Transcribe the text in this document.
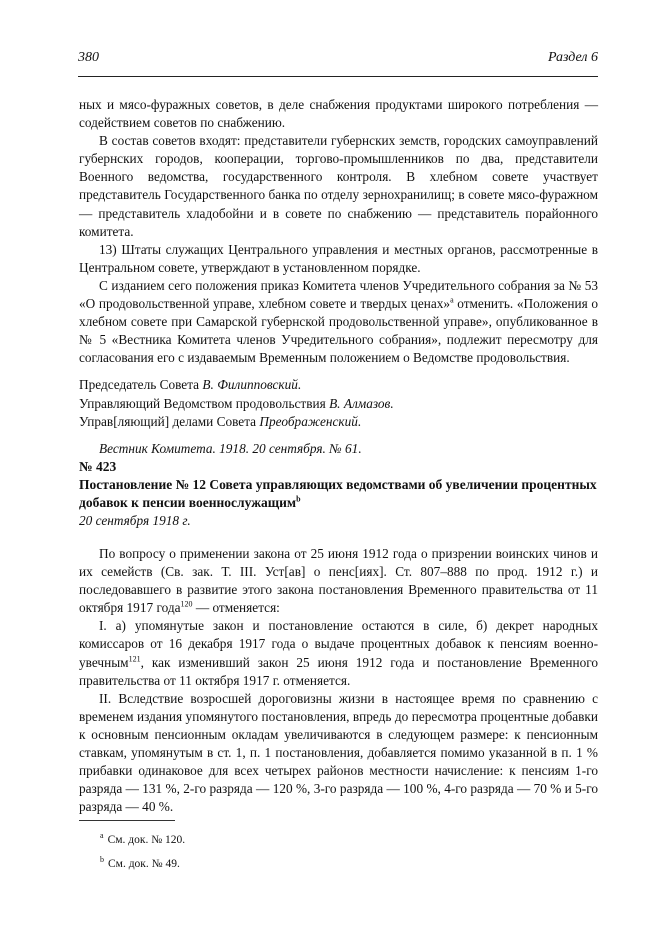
380	Раздел 6

ных и мясо-фуражных советов, в деле снабжения продуктами широкого потребления — содействием советов по снабжению.

В состав советов входят: представители губернских земств, городских самоуправлений губернских городов, кооперации, торгово-промышленников по два, представители Военного ведомства, государственного контроля. В хлебном совете участвует представитель Государственного банка по отделу зернохранилищ; в совете мясо-фуражном — представитель хладобойни и в совете по снабжению — представитель порайонного комитета.

13) Штаты служащих Центрального управления и местных органов, рассмотренные в Центральном совете, утверждают в установленном порядке.

С изданием сего положения приказ Комитета членов Учредительного собрания за № 53 «О продовольственной управе, хлебном совете и твердых ценах»$^a$ отменить. «Положения о хлебном совете при Самарской губернской продовольственной управе», опубликованное в № 5 «Вестника Комитета членов Учредительного собрания», подлежит пересмотру для согласования его с издаваемым Временным положением о Ведомстве продовольствия.

Председатель Совета В. Филипповский.

Управляющий Ведомством продовольствия В. Алмазов.

Управ[ляющий] делами Совета Преображенский.

Вестник Комитета. 1918. 20 сентября. № 61.

№ 423

Постановление № 12 Совета управляющих ведомствами об увеличении процентных добавок к пенсии военнослужащим$^b$

20 сентября 1918 г.

По вопросу о применении закона от 25 июня 1912 года о призрении воинских чинов и их семейств (Св. зак. Т. III. Уст[ав] о пенс[иях]. Ст. 807–888 по прод. 1912 г.) и последовавшего в развитие этого закона постановления Временного правительства от 11 октября 1917 года$^{120}$ — отменяется:

I. а) упомянутые закон и постановление остаются в силе, б) декрет народных комиссаров от 16 декабря 1917 года о выдаче процентных добавок к пенсиям военно-увечным$^{121}$, как изменивший закон 25 июня 1912 года и постановление Временного правительства от 11 октября 1917 г. отменяется.

II. Вследствие возросшей дороговизны жизни в настоящее время по сравнению с временем издания упомянутого постановления, впредь до пересмотра процентные добавки к основным пенсионным окладам увеличиваются в следующем размере: к пенсионным ставкам, упомянутым в ст. 1, п. 1 постановления, добавляется помимо указанной в п. 1 % прибавки одинаковое для всех четырех районов местности начисление: к пенсиям 1-го разряда — 131 %, 2-го разряда — 120 %, 3-го разряда — 100 %, 4-го разряда — 70 % и 5-го разряда — 40 %.

$^a$ См. док. № 120.
$^b$ См. док. № 49.
